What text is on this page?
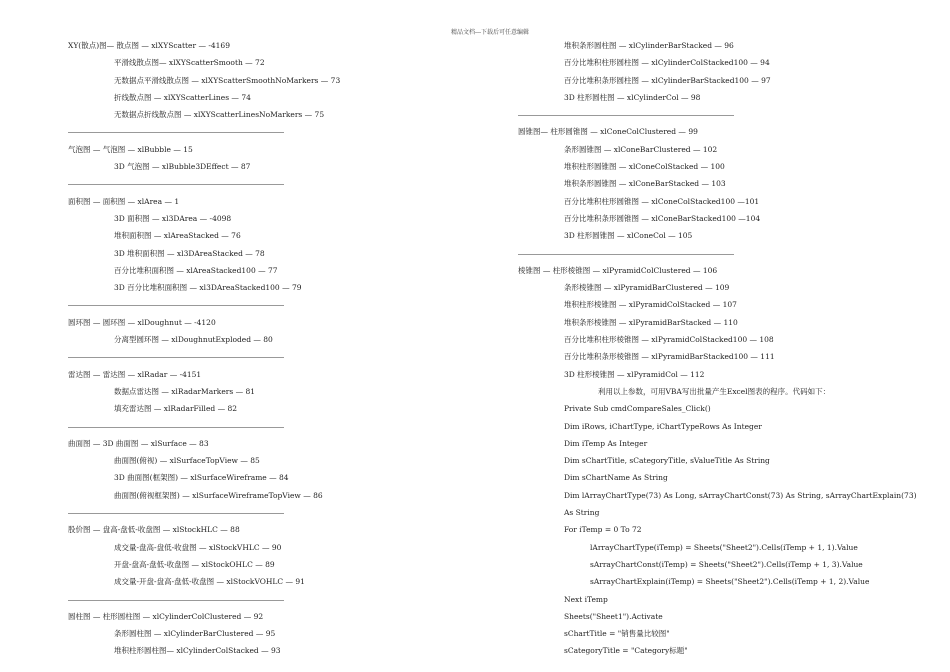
精品文档---下载后可任意编辑
XY(散点)图— 散点图 — xlXYScatter — -4169
平滑线散点图— xlXYScatterSmooth — 72
无数据点平滑线散点图 — xlXYScatterSmoothNoMarkers — 73
折线散点图 — xlXYScatterLines — 74
无数据点折线散点图 — xlXYScatterLinesNoMarkers — 75
气泡图 — 气泡图 — xlBubble — 15
3D 气泡图 — xlBubble3DEffect — 87
面积图 — 面积图 — xlArea — 1
3D 面积图 — xl3DArea — -4098
堆积面积图 — xlAreaStacked — 76
3D 堆积面积图 — xl3DAreaStacked — 78
百分比堆积面积图 — xlAreaStacked100 — 77
3D 百分比堆积面积图 — xl3DAreaStacked100 — 79
圆环图 — 圆环图 — xlDoughnut — -4120
分离型圆环图 — xlDoughnutExploded — 80
雷达图 — 雷达图 — xlRadar — -4151
数据点雷达图 — xlRadarMarkers — 81
填充雷达图 — xlRadarFilled — 82
曲面图 — 3D 曲面图 — xlSurface — 83
曲面图(俯视) — xlSurfaceTopView — 85
3D 曲面图(框架图) — xlSurfaceWireframe — 84
曲面图(俯视框架图) — xlSurfaceWireframeTopView — 86
股价图 — 盘高-盘低-收盘图 — xlStockHLC — 88
成交量-盘高-盘低-收盘图 — xlStockVHLC — 90
开盘-盘高-盘低-收盘图 — xlStockOHLC — 89
成交量-开盘-盘高-盘低-收盘图 — xlStockVOHLC — 91
圆柱图 — 柱形圆柱图 — xlCylinderColClustered — 92
条形圆柱图 — xlCylinderBarClustered — 95
堆积柱形圆柱图— xlCylinderColStacked — 93
堆积条形圆柱图 — xlCylinderBarStacked — 96
百分比堆积柱形圆柱图 — xlCylinderColStacked100 — 94
百分比堆积条形圆柱图 — xlCylinderBarStacked100 — 97
3D 柱形圆柱图 — xlCylinderCol — 98
圆锥图— 柱形圆锥图 — xlConeColClustered — 99
条形圆锥图 — xlConeBarClustered — 102
堆积柱形圆锥图 — xlConeColStacked — 100
堆积条形圆锥图 — xlConeBarStacked — 103
百分比堆积柱形圆锥图 — xlConeColStacked100 —101
百分比堆积条形圆锥图 — xlConeBarStacked100 —104
3D 柱形圆锥图 — xlConeCol — 105
棱锥图 — 柱形棱锥图 — xlPyramidColClustered — 106
条形棱锥图 — xlPyramidBarClustered — 109
堆积柱形棱锥图 — xlPyramidColStacked — 107
堆积条形棱锥图 — xlPyramidBarStacked — 110
百分比堆积柱形棱锥图 — xlPyramidColStacked100 — 108
百分比堆积条形棱锥图 — xlPyramidBarStacked100 — 111
3D 柱形棱锥图 — xlPyramidCol — 112
利用以上参数，可用VBA写出批量产生Excel图表的程序。代码如下：
Private Sub cmdCompareSales_Click()
Dim iRows, iChartType, iChartTypeRows As Integer
Dim iTemp As Integer
Dim sChartTitle, sCategoryTitle, sValueTitle As String
Dim sChartName As String
Dim lArrayChartType(73) As Long, sArrayChartConst(73) As String, sArrayChartExplain(73)
As String
For iTemp = 0 To 72
lArrayChartType(iTemp) = Sheets("Sheet2").Cells(iTemp + 1, 1).Value
sArrayChartConst(iTemp) = Sheets("Sheet2").Cells(iTemp + 1, 3).Value
sArrayChartExplain(iTemp) = Sheets("Sheet2").Cells(iTemp + 1, 2).Value
Next iTemp
Sheets("Sheet1").Activate
sChartTitle = "销售量比较图"
sCategoryTitle = "Category标题"
